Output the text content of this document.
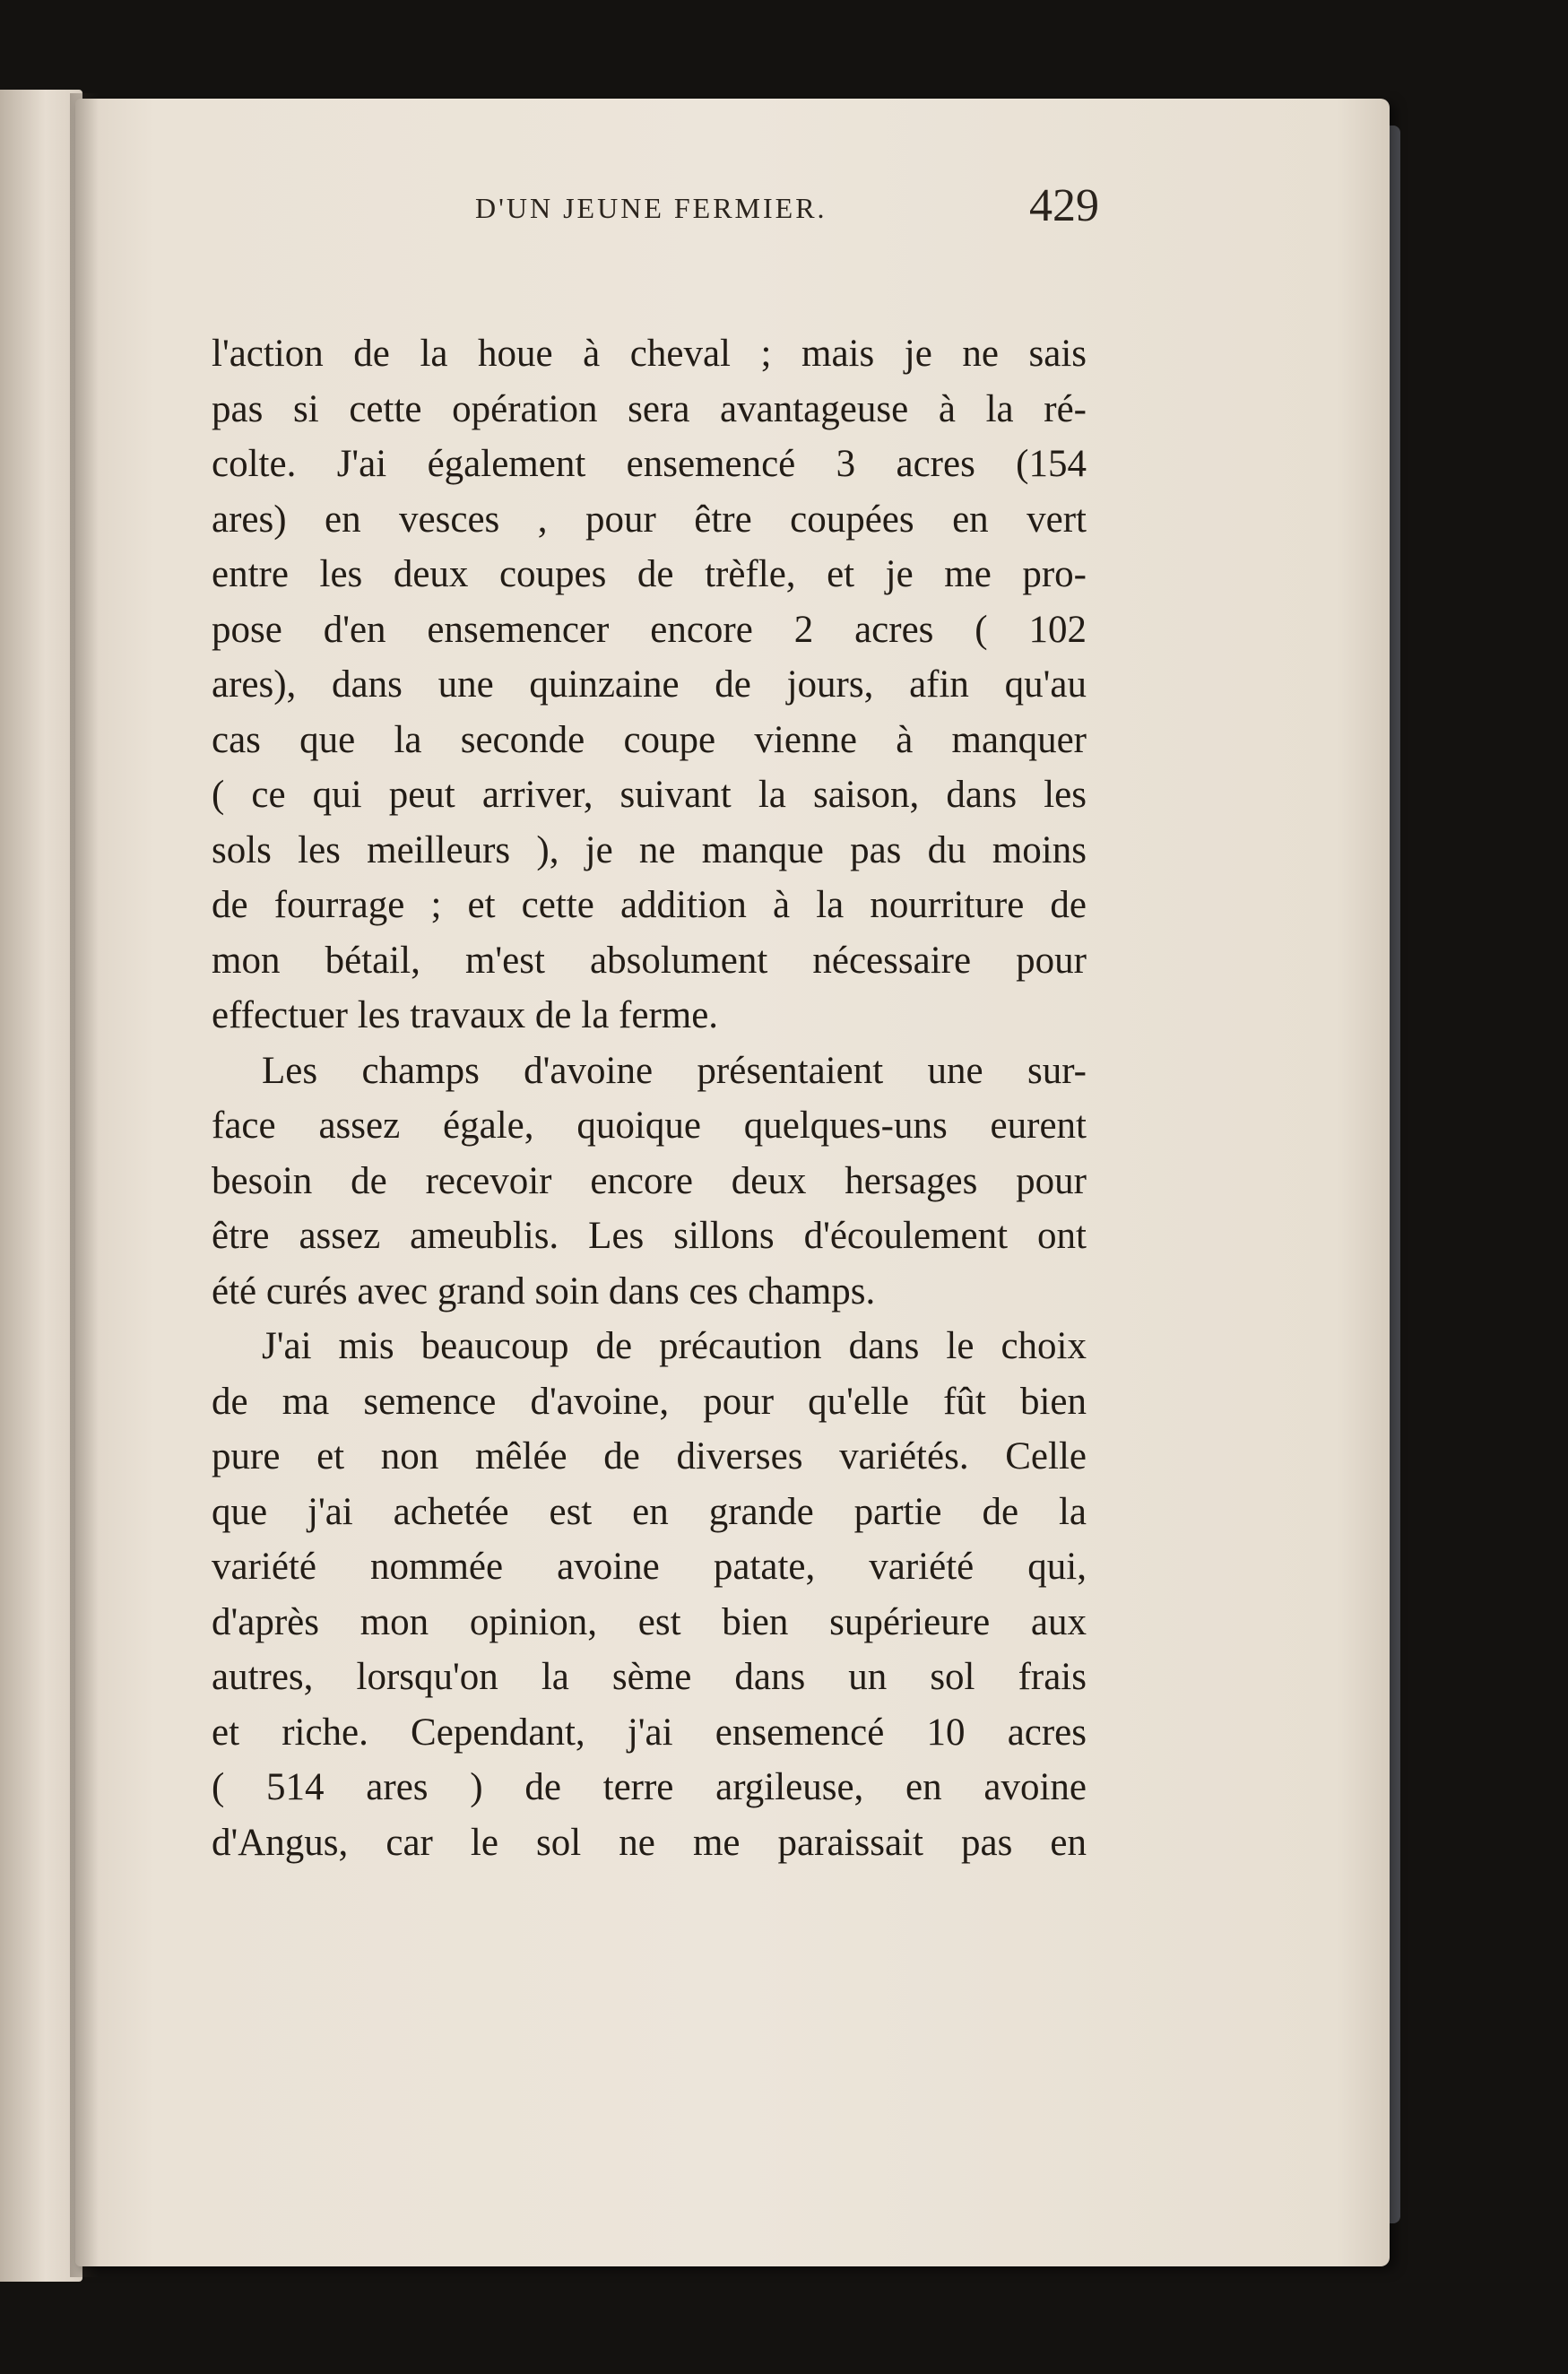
D'UN JEUNE FERMIER.	429
l'action de la houe à cheval ; mais je ne sais
pas si cette opération sera avantageuse à la ré-
colte. J'ai également ensemencé 3 acres (154
ares) en vesces , pour être coupées en vert
entre les deux coupes de trèfle, et je me pro-
pose d'en ensemencer encore 2 acres ( 102
ares), dans une quinzaine de jours, afin qu'au
cas que la seconde coupe vienne à manquer
( ce qui peut arriver, suivant la saison, dans les
sols les meilleurs ), je ne manque pas du moins
de fourrage ; et cette addition à la nourriture de
mon bétail, m'est absolument nécessaire pour
effectuer les travaux de la ferme.
Les champs d'avoine présentaient une sur-
face assez égale, quoique quelques-uns eurent
besoin de recevoir encore deux hersages pour
être assez ameublis. Les sillons d'écoulement ont
été curés avec grand soin dans ces champs.
J'ai mis beaucoup de précaution dans le choix
de ma semence d'avoine, pour qu'elle fût bien
pure et non mêlée de diverses variétés. Celle
que j'ai achetée est en grande partie de la
variété nommée avoine patate, variété qui,
d'après mon opinion, est bien supérieure aux
autres, lorsqu'on la sème dans un sol frais
et riche. Cependant, j'ai ensemencé 10 acres
( 514 ares ) de terre argileuse, en avoine
d'Angus, car le sol ne me paraissait pas en
